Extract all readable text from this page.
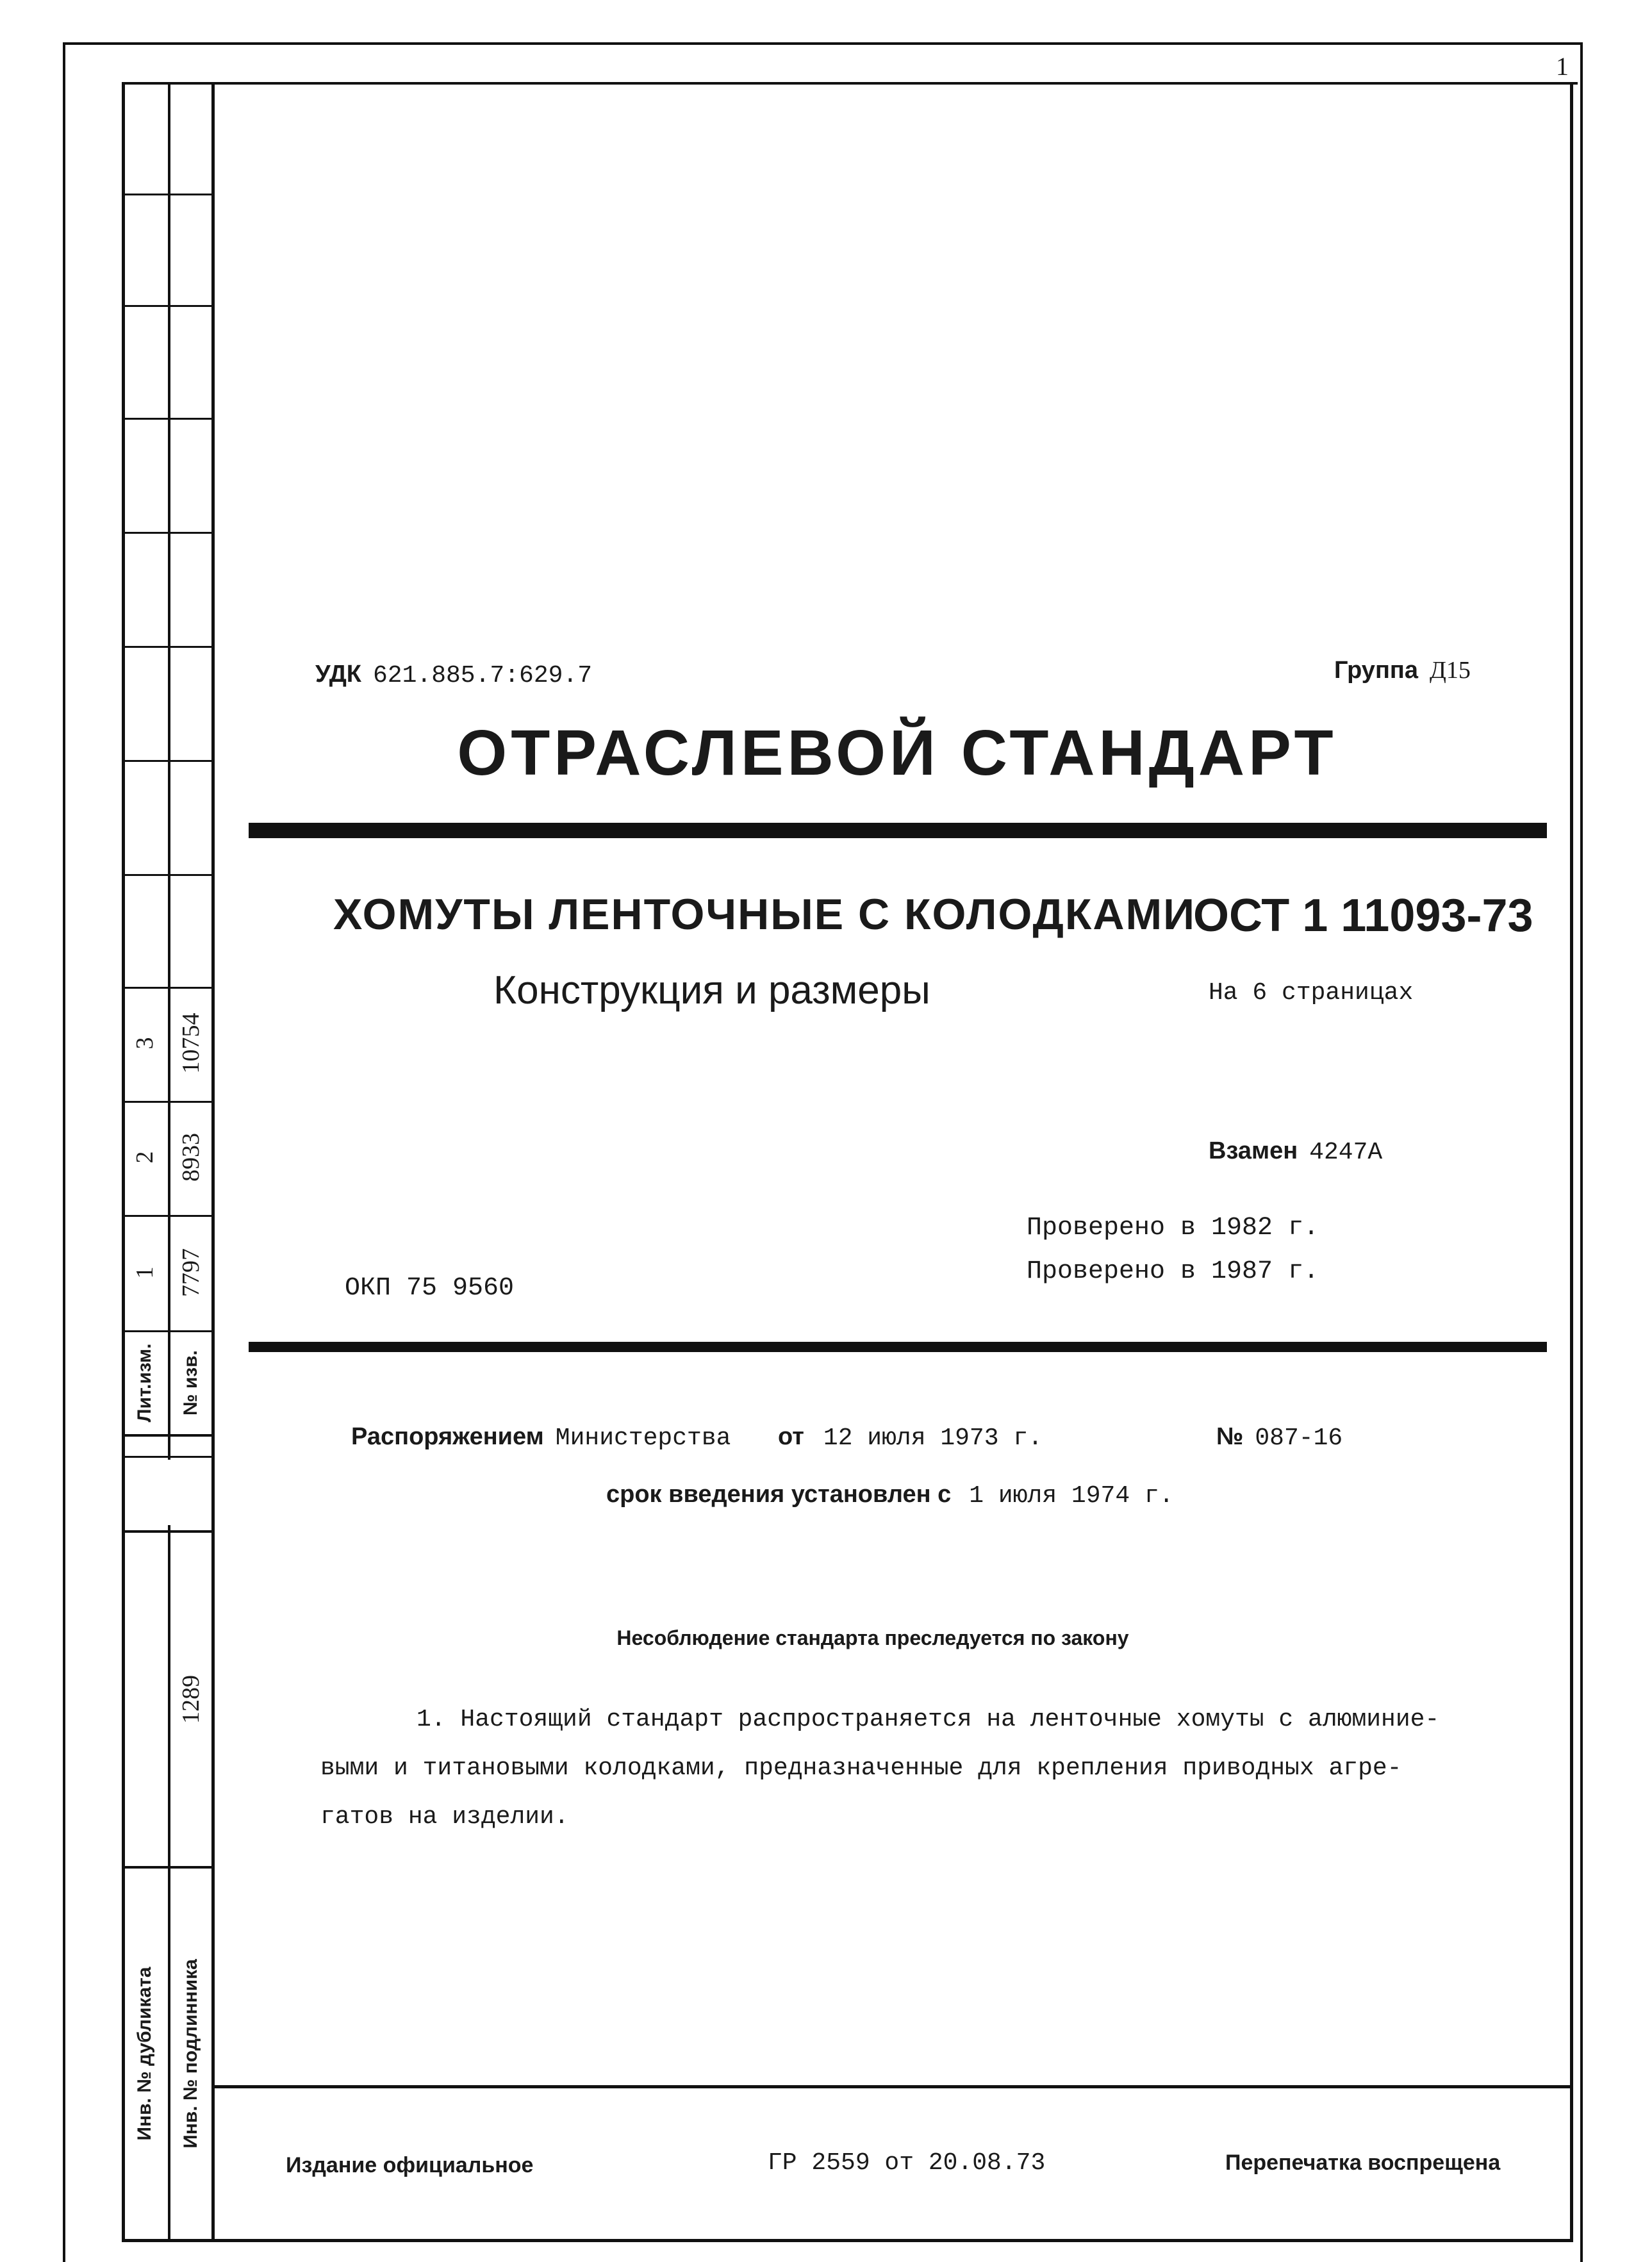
1
3 10754
2 8933
1 7797
Лит.изм. № изв.
1289
Инв. № дубликата Инв. № подлинника
УДК 621.885.7:629.7	Группа Д15
ОТРАСЛЕВОЙ СТАНДАРТ
ХОМУТЫ ЛЕНТОЧНЫЕ С КОЛОДКАМИ
ОСТ 1 11093-73
Конструкция и размеры	На 6 страницах
Взамен 4247А
Проверено в 1982 г.
Проверено в 1987 г.
ОКП 75 9560
Распоряжением Министерства от 12 июля 1973 г.	№ 087-16
срок введения установлен с 1 июля 1974 г.
Несоблюдение стандарта преследуется по закону
1. Настоящий стандарт распространяется на ленточные хомуты с алюминие-
выми и титановыми колодками, предназначенные для крепления приводных агре-
гатов на изделии.
Издание официальное	ГР 2559 от 20.08.73	Перепечатка воспрещена
